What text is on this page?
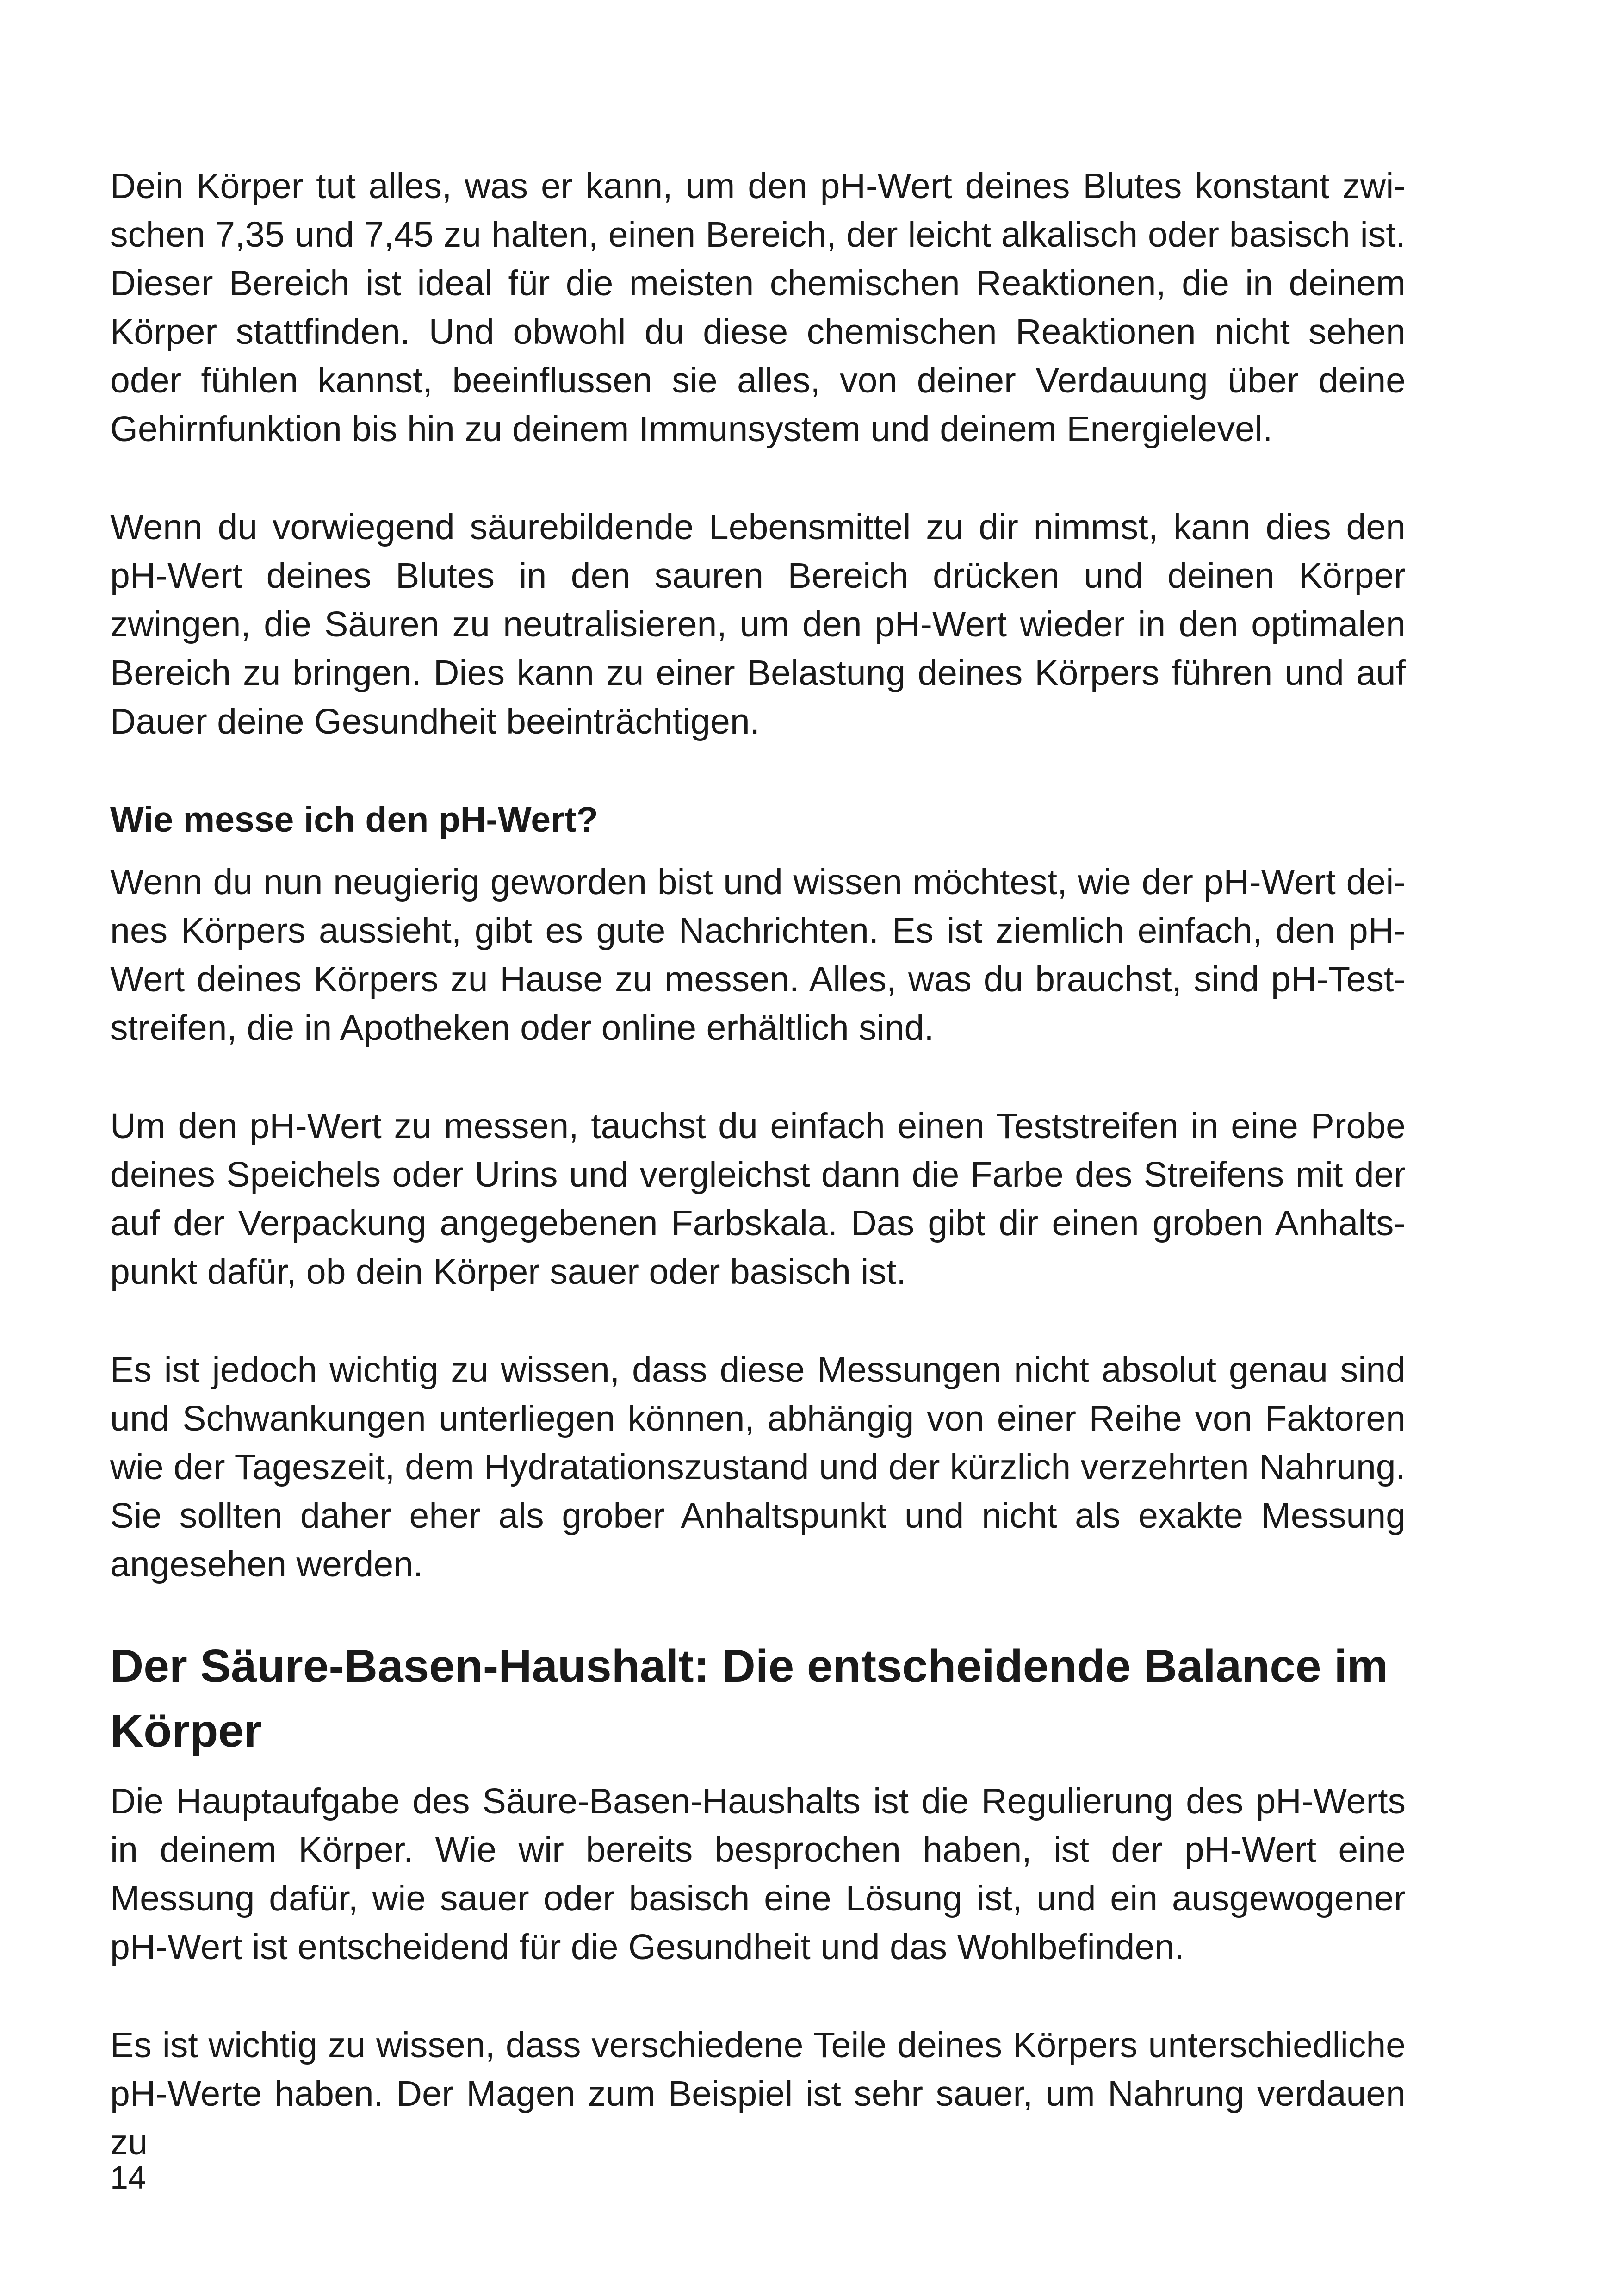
Dein Körper tut alles, was er kann, um den pH-Wert deines Blutes konstant zwischen 7,35 und 7,45 zu halten, einen Bereich, der leicht alkalisch oder basisch ist. Dieser Bereich ist ideal für die meisten chemischen Reaktionen, die in deinem Körper stattfinden. Und obwohl du diese chemischen Reaktionen nicht sehen oder fühlen kannst, beeinflussen sie alles, von deiner Verdauung über deine Gehirnfunktion bis hin zu deinem Immunsystem und deinem Energielevel.

Wenn du vorwiegend säurebildende Lebensmittel zu dir nimmst, kann dies den pH-Wert deines Blutes in den sauren Bereich drücken und deinen Körper zwingen, die Säuren zu neutralisieren, um den pH-Wert wieder in den optimalen Bereich zu bringen. Dies kann zu einer Belastung deines Körpers führen und auf Dauer deine Gesundheit beeinträchtigen.

Wie messe ich den pH-Wert?

Wenn du nun neugierig geworden bist und wissen möchtest, wie der pH-Wert deines Körpers aussieht, gibt es gute Nachrichten. Es ist ziemlich einfach, den pH-Wert deines Körpers zu Hause zu messen. Alles, was du brauchst, sind pH-Teststreifen, die in Apotheken oder online erhältlich sind.

Um den pH-Wert zu messen, tauchst du einfach einen Teststreifen in eine Probe deines Speichels oder Urins und vergleichst dann die Farbe des Streifens mit der auf der Verpackung angegebenen Farbskala. Das gibt dir einen groben Anhaltspunkt dafür, ob dein Körper sauer oder basisch ist.

Es ist jedoch wichtig zu wissen, dass diese Messungen nicht absolut genau sind und Schwankungen unterliegen können, abhängig von einer Reihe von Faktoren wie der Tageszeit, dem Hydratationszustand und der kürzlich verzehrten Nahrung. Sie sollten daher eher als grober Anhaltspunkt und nicht als exakte Messung angesehen werden.

Der Säure-Basen-Haushalt: Die entscheidende Balance im Körper

Die Hauptaufgabe des Säure-Basen-Haushalts ist die Regulierung des pH-Werts in deinem Körper. Wie wir bereits besprochen haben, ist der pH-Wert eine Messung dafür, wie sauer oder basisch eine Lösung ist, und ein ausgewogener pH-Wert ist entscheidend für die Gesundheit und das Wohlbefinden.

Es ist wichtig zu wissen, dass verschiedene Teile deines Körpers unterschiedliche pH-Werte haben. Der Magen zum Beispiel ist sehr sauer, um Nahrung verdauen zu

14
